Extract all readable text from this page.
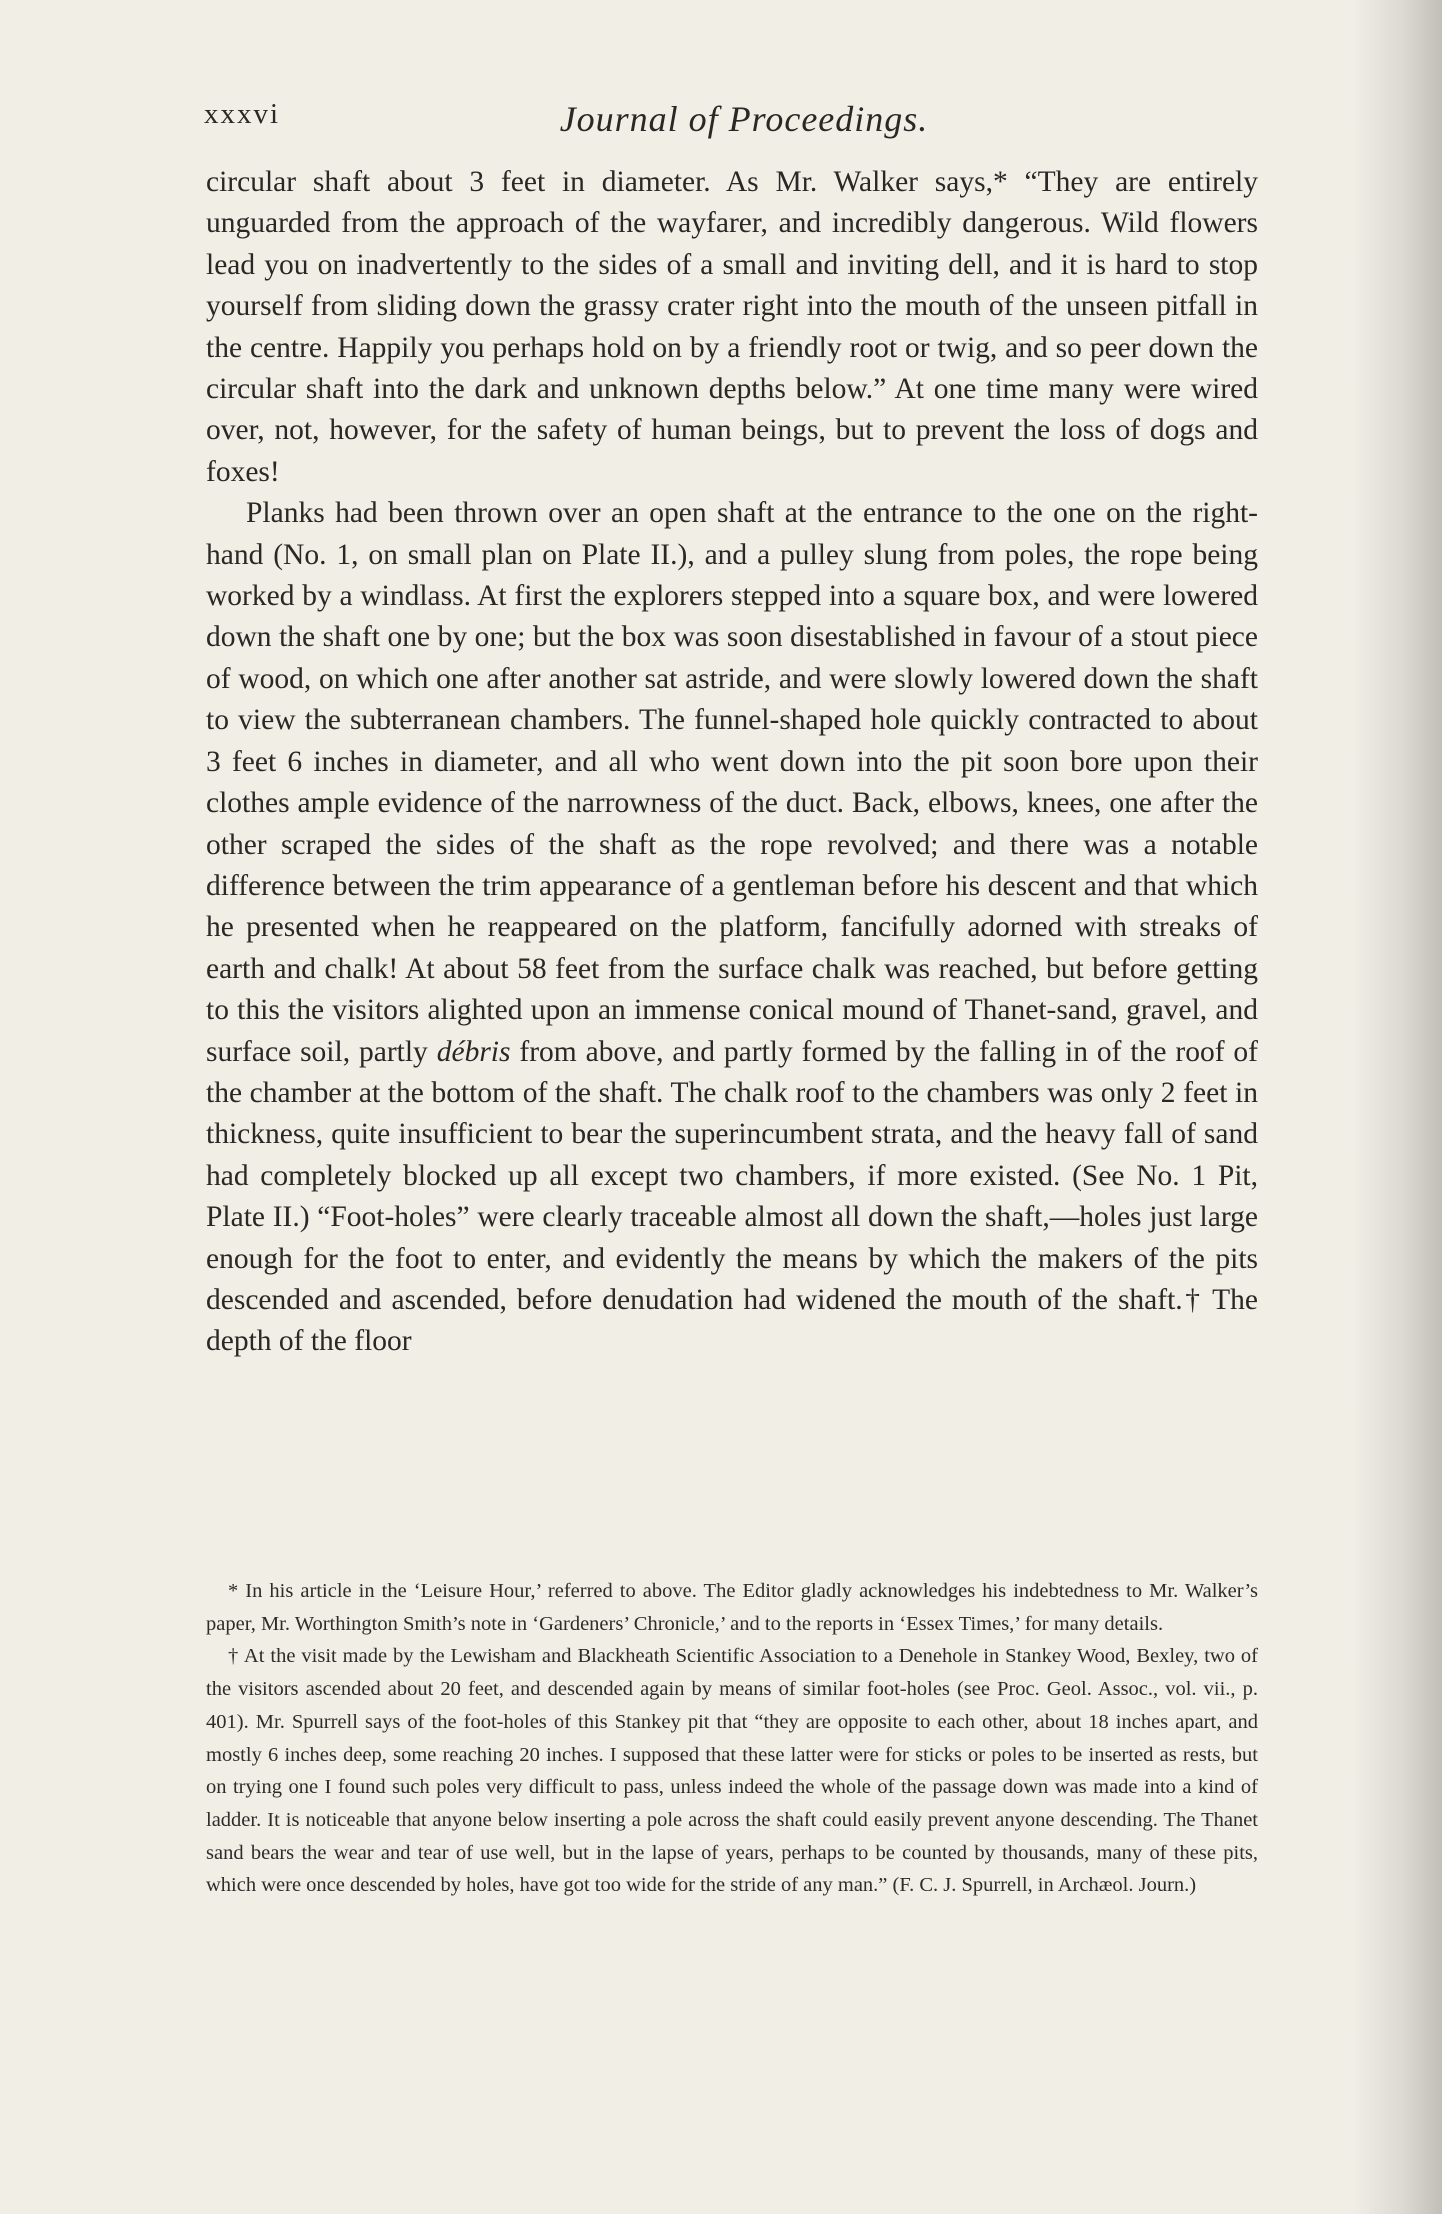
xxxvi	Journal of Proceedings.

circular shaft about 3 feet in diameter. As Mr. Walker says,* “They are entirely unguarded from the approach of the wayfarer, and incredibly dangerous. Wild flowers lead you on inadvertently to the sides of a small and inviting dell, and it is hard to stop yourself from sliding down the grassy crater right into the mouth of the unseen pitfall in the centre. Happily you perhaps hold on by a friendly root or twig, and so peer down the circular shaft into the dark and unknown depths below.” At one time many were wired over, not, however, for the safety of human beings, but to prevent the loss of dogs and foxes!

Planks had been thrown over an open shaft at the entrance to the one on the right-hand (No. 1, on small plan on Plate II.), and a pulley slung from poles, the rope being worked by a windlass. At first the explorers stepped into a square box, and were lowered down the shaft one by one; but the box was soon disestablished in favour of a stout piece of wood, on which one after another sat astride, and were slowly lowered down the shaft to view the subterranean chambers. The funnel-shaped hole quickly contracted to about 3 feet 6 inches in diameter, and all who went down into the pit soon bore upon their clothes ample evidence of the narrowness of the duct. Back, elbows, knees, one after the other scraped the sides of the shaft as the rope revolved; and there was a notable difference between the trim appearance of a gentleman before his descent and that which he presented when he reappeared on the platform, fancifully adorned with streaks of earth and chalk! At about 58 feet from the surface chalk was reached, but before getting to this the visitors alighted upon an immense conical mound of Thanet-sand, gravel, and surface soil, partly débris from above, and partly formed by the falling in of the roof of the chamber at the bottom of the shaft. The chalk roof to the chambers was only 2 feet in thickness, quite insufficient to bear the superincumbent strata, and the heavy fall of sand had completely blocked up all except two chambers, if more existed. (See No. 1 Pit, Plate II.) “Foot-holes” were clearly traceable almost all down the shaft,—holes just large enough for the foot to enter, and evidently the means by which the makers of the pits descended and ascended, before denudation had widened the mouth of the shaft.† The depth of the floor

* In his article in the ‘Leisure Hour,’ referred to above. The Editor gladly acknowledges his indebtedness to Mr. Walker’s paper, Mr. Worthington Smith’s note in ‘Gardeners’ Chronicle,’ and to the reports in ‘Essex Times,’ for many details.

† At the visit made by the Lewisham and Blackheath Scientific Association to a Denehole in Stankey Wood, Bexley, two of the visitors ascended about 20 feet, and descended again by means of similar foot-holes (see Proc. Geol. Assoc., vol. vii., p. 401). Mr. Spurrell says of the foot-holes of this Stankey pit that “they are opposite to each other, about 18 inches apart, and mostly 6 inches deep, some reaching 20 inches. I supposed that these latter were for sticks or poles to be inserted as rests, but on trying one I found such poles very difficult to pass, unless indeed the whole of the passage down was made into a kind of ladder. It is noticeable that anyone below inserting a pole across the shaft could easily prevent anyone descending. The Thanet sand bears the wear and tear of use well, but in the lapse of years, perhaps to be counted by thousands, many of these pits, which were once descended by holes, have got too wide for the stride of any man.” (F. C. J. Spurrell, in Archæol. Journ.)
